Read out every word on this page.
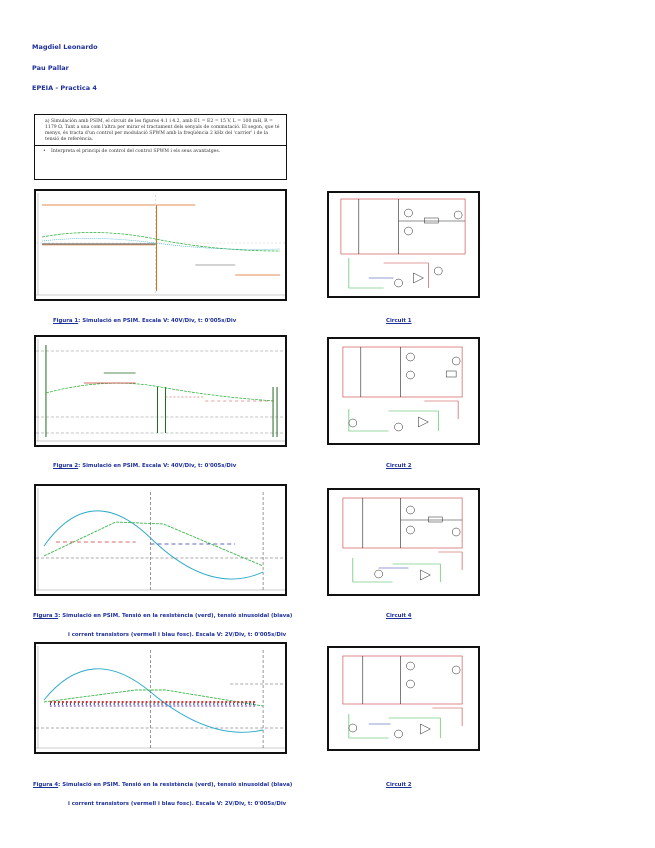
Magdiel Leonardo
Pau Pallar
EPEIA - Practica 4

a) Simulación amb PSIM, el circuit de les figures 4.1 i 4.2, amb E1 = E2 = 15 V, L = 100 mH, R = 1179 Ω. Tant a una com l'altra per mirar el tractament dels senyals de commutació. El segon, que té menys, és tracta d'un control per modulació SPWM amb la freqüència 2 kHz del 'carrier' i de la tensió de referència.

• Interpreta el principi de control del control SPWM i els seus avantatges.
Figura 1: Simulació en PSIM. Escala V: 40V/Div, t: 0'005s/Div	Circuit 1
Figura 2: Simulació en PSIM. Escala V: 40V/Div, t: 0'005s/Div	Circuit 2
Figura 3: Simulació en PSIM. Tensió en la resistència (verd), tensió sinusoidal (blava)
i corrent transistors (vermell i blau fosc). Escala V: 2V/Div, t: 0'005s/Div
Circuit 4
Figura 4: Simulació en PSIM. Tensió en la resistència (verd), tensió sinusoidal (blava)
i corrent transistors (vermell i blau fosc). Escala V: 2V/Div, t: 0'005s/Div
Circuit 2
